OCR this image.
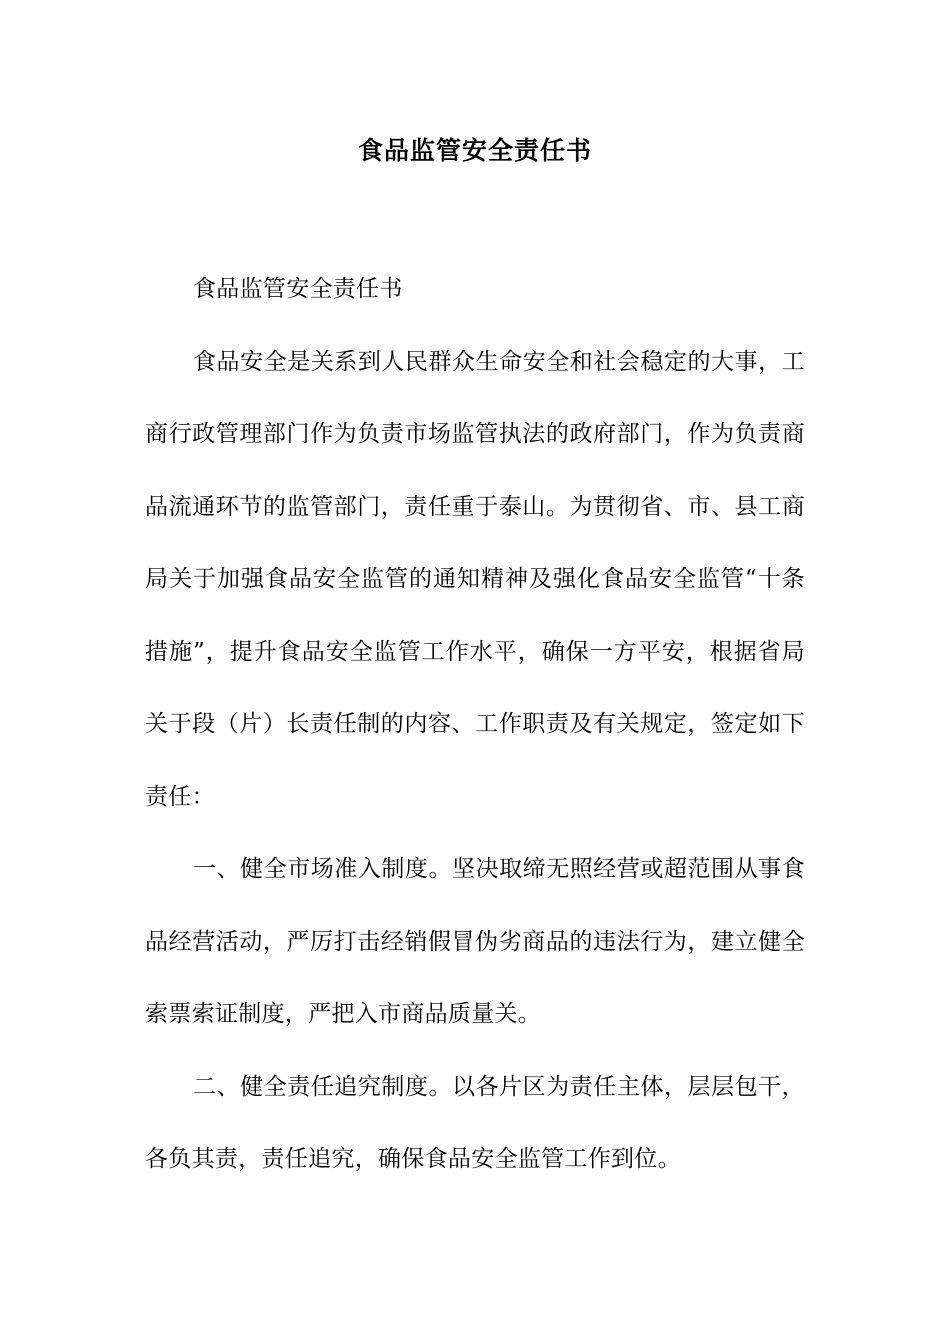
食品监管安全责任书

食品监管安全责任书

食品安全是关系到人民群众生命安全和社会稳定的大事，工商行政管理部门作为负责市场监管执法的政府部门，作为负责商品流通环节的监管部门，责任重于泰山。为贯彻省、市、县工商局关于加强食品安全监管的通知精神及强化食品安全监管“十条措施”，提升食品安全监管工作水平，确保一方平安，根据省局关于段（片）长责任制的内容、工作职责及有关规定，签定如下责任：

一、健全市场准入制度。坚决取缔无照经营或超范围从事食品经营活动，严厉打击经销假冒伪劣商品的违法行为，建立健全索票索证制度，严把入市商品质量关。

二、健全责任追究制度。以各片区为责任主体，层层包干，各负其责，责任追究，确保食品安全监管工作到位。
